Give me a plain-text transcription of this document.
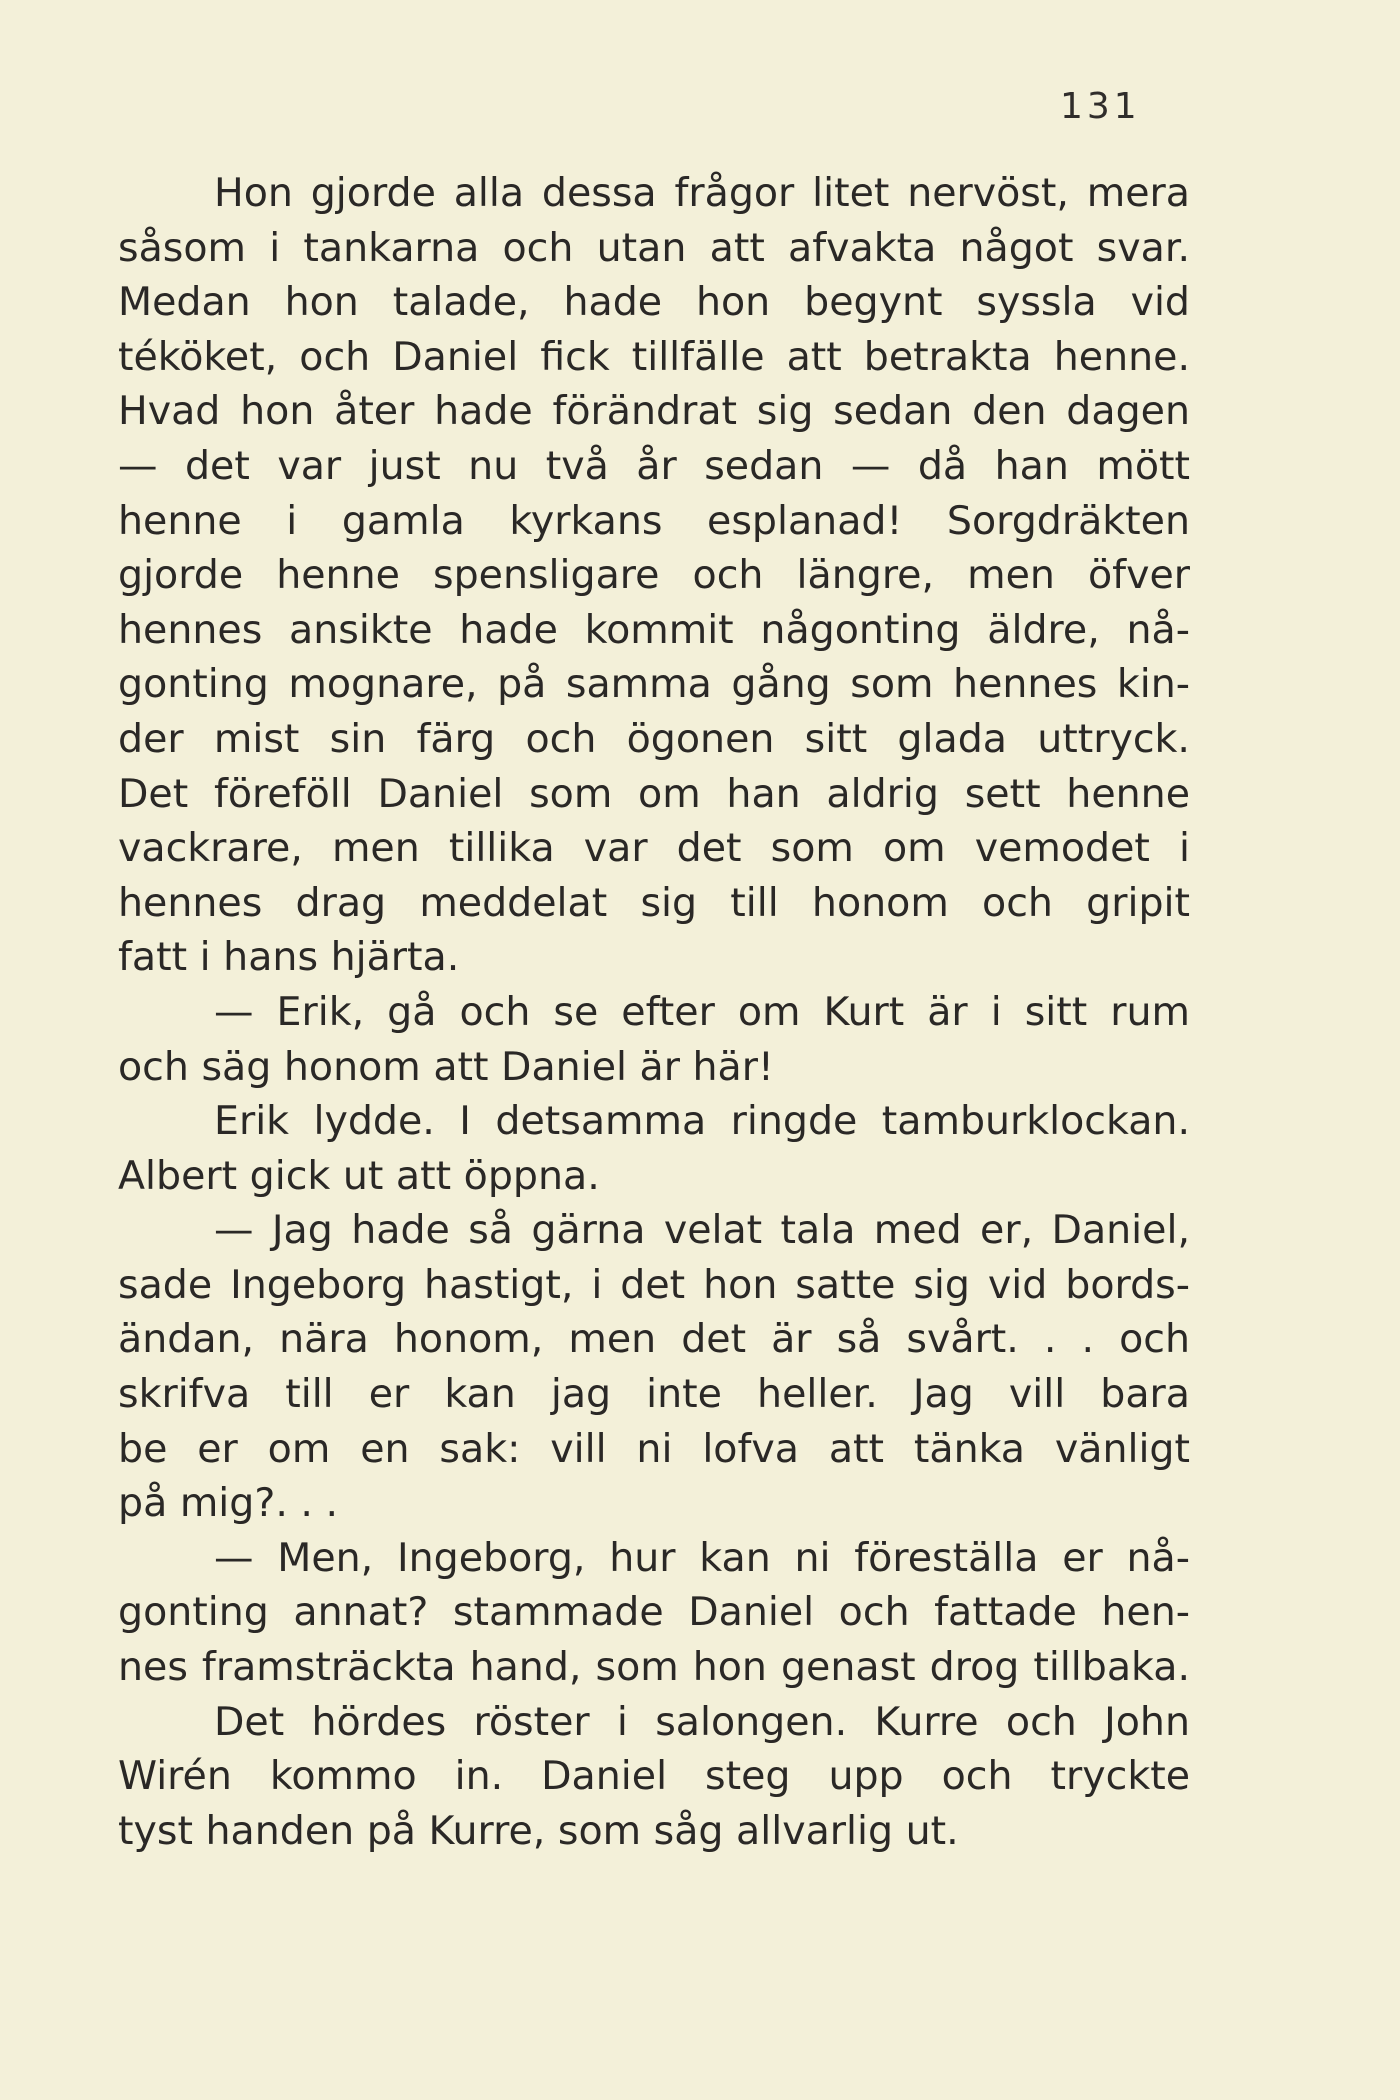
131
Hon gjorde alla dessa frågor litet nervöst, mera
såsom i tankarna och utan att afvakta något svar.
Medan hon talade, hade hon begynt syssla vid
téköket, och Daniel fick tillfälle att betrakta henne.
Hvad hon åter hade förändrat sig sedan den dagen
— det var just nu två år sedan — då han mött
henne i gamla kyrkans esplanad! Sorgdräkten
gjorde henne spensligare och längre, men öfver
hennes ansikte hade kommit någonting äldre, nå-
gonting mognare, på samma gång som hennes kin-
der mist sin färg och ögonen sitt glada uttryck.
Det föreföll Daniel som om han aldrig sett henne
vackrare, men tillika var det som om vemodet i
hennes drag meddelat sig till honom och gripit
fatt i hans hjärta.
— Erik, gå och se efter om Kurt är i sitt rum
och säg honom att Daniel är här!
Erik lydde. I detsamma ringde tamburklockan.
Albert gick ut att öppna.
— Jag hade så gärna velat tala med er, Daniel,
sade Ingeborg hastigt, i det hon satte sig vid bords-
ändan, nära honom, men det är så svårt. . . och
skrifva till er kan jag inte heller. Jag vill bara
be er om en sak: vill ni lofva att tänka vänligt
på mig?. . .
— Men, Ingeborg, hur kan ni föreställa er nå-
gonting annat? stammade Daniel och fattade hen-
nes framsträckta hand, som hon genast drog tillbaka.
Det hördes röster i salongen. Kurre och John
Wirén kommo in. Daniel steg upp och tryckte
tyst handen på Kurre, som såg allvarlig ut.
